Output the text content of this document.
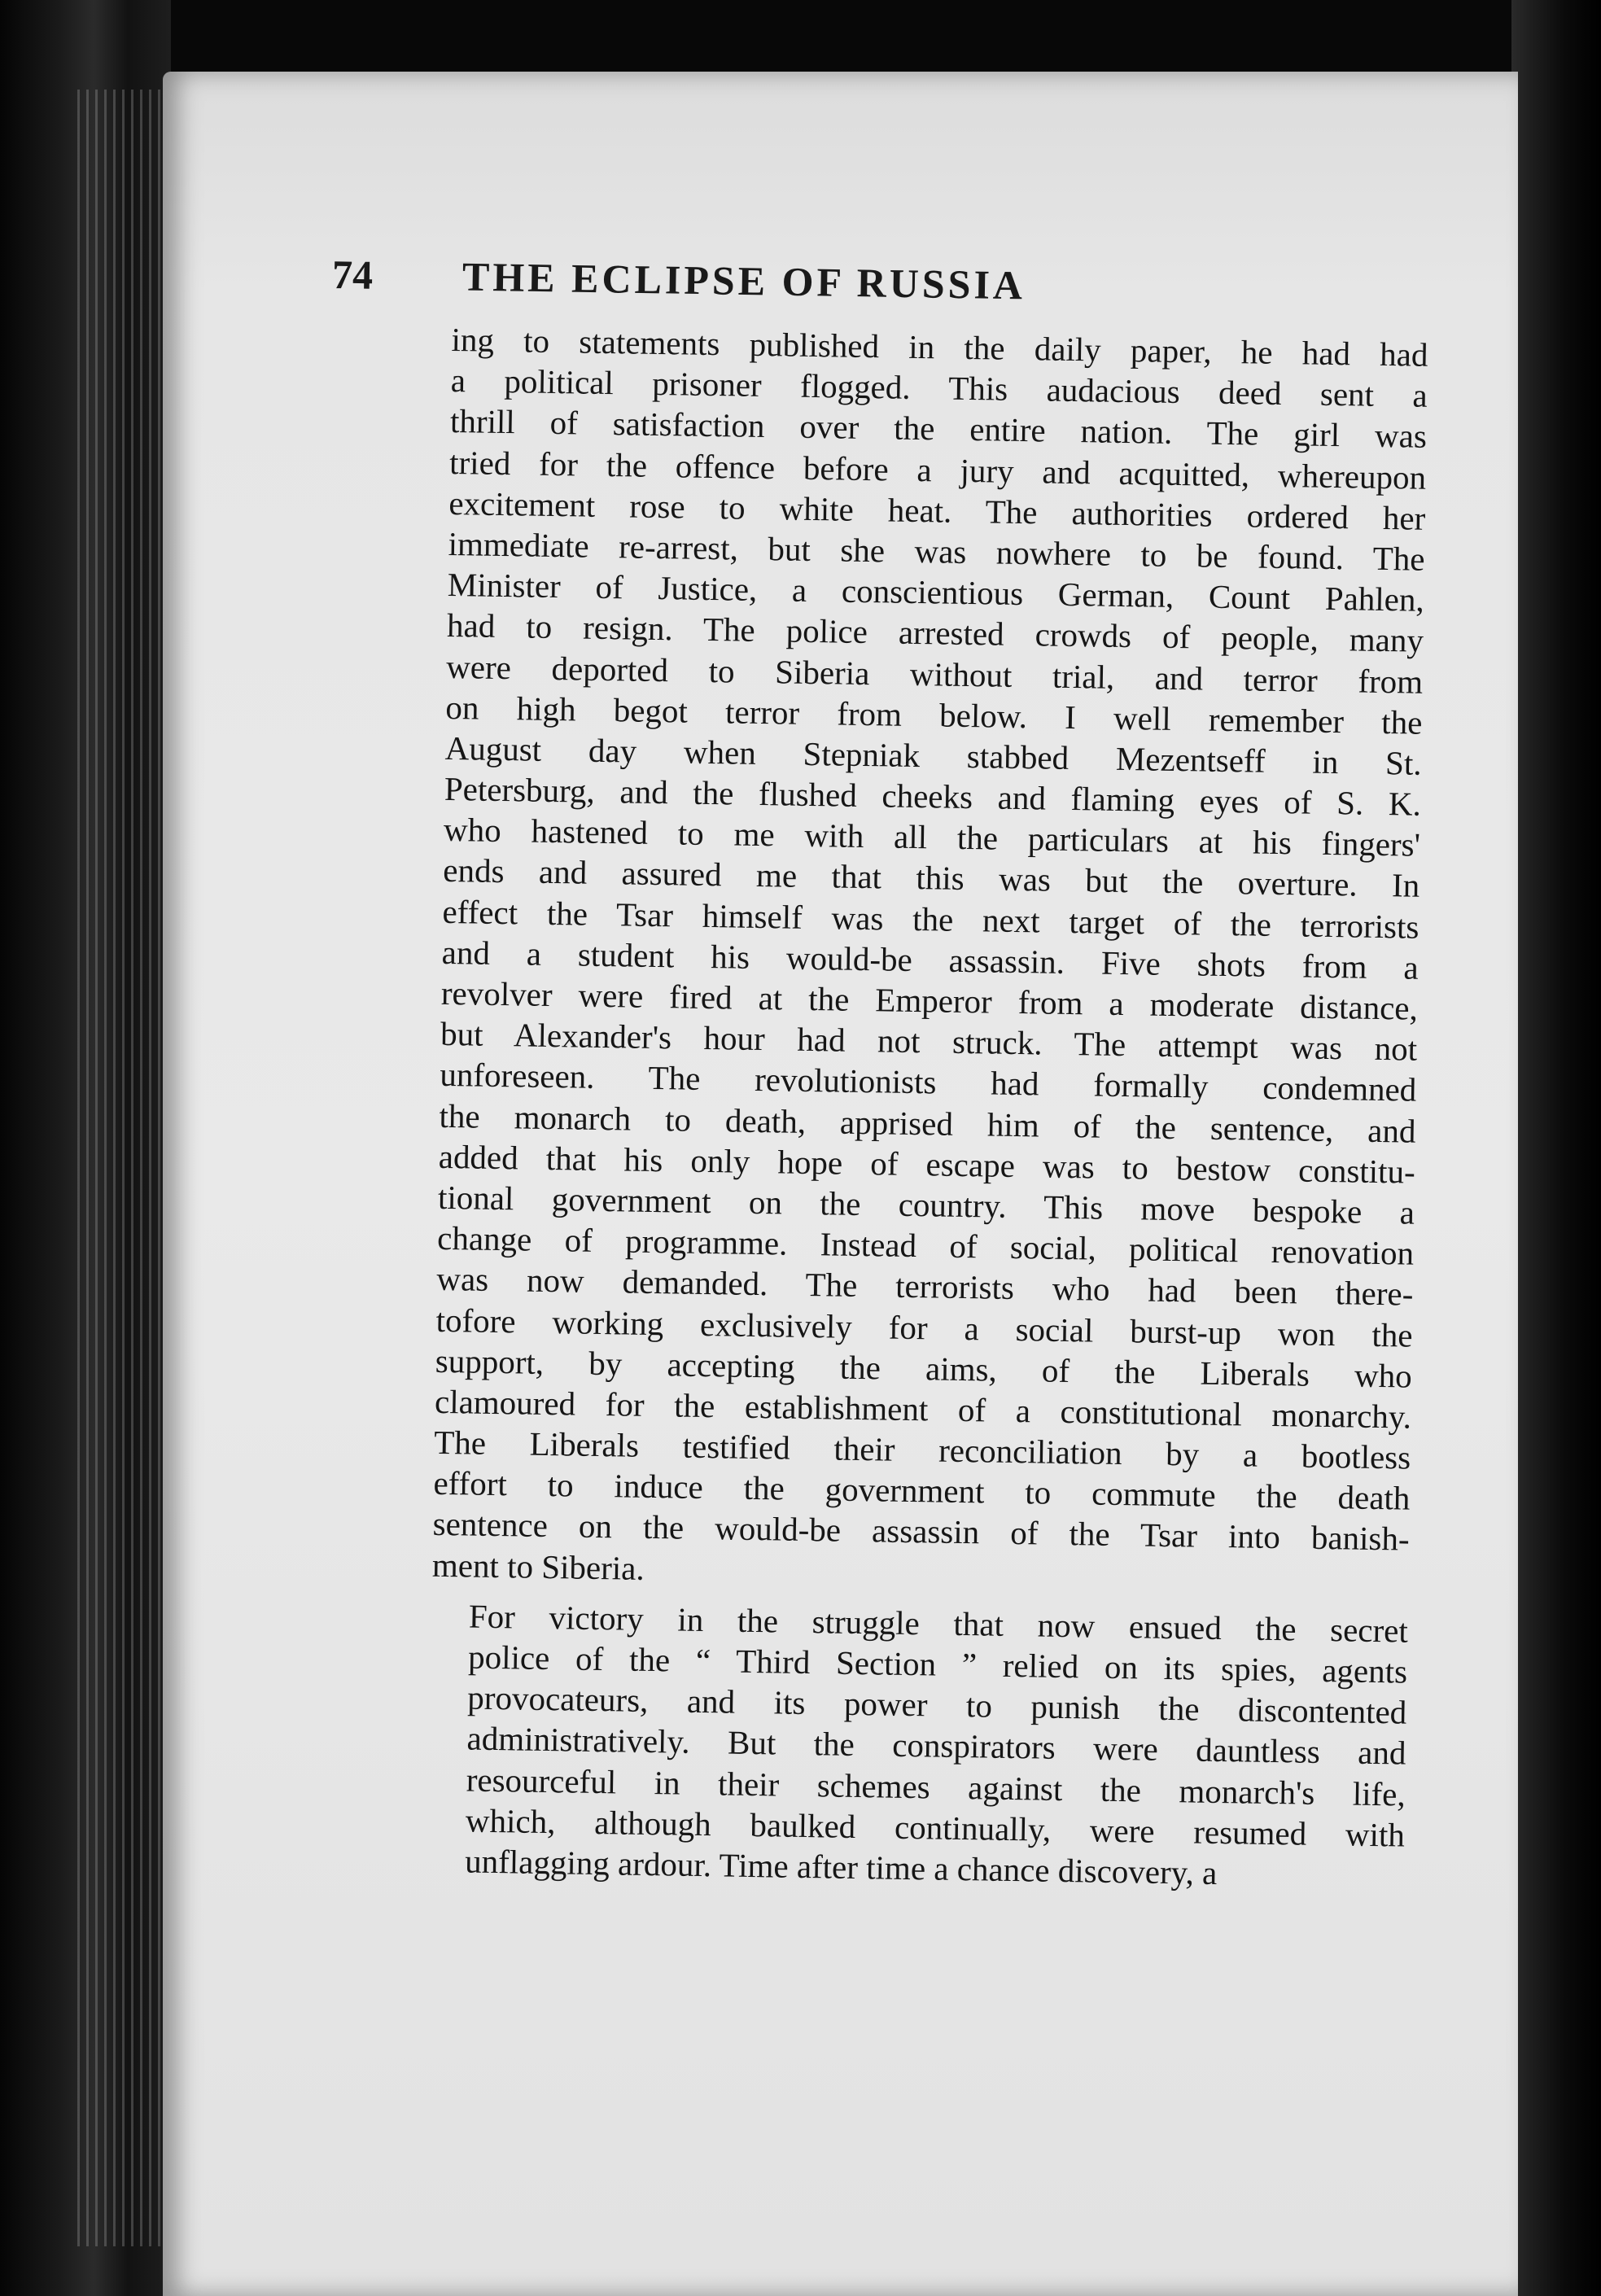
74 THE ECLIPSE OF RUSSIA
ing to statements published in the daily paper, he had had
a political prisoner flogged. This audacious deed sent a
thrill of satisfaction over the entire nation. The girl was
tried for the offence before a jury and acquitted, whereupon
excitement rose to white heat. The authorities ordered her
immediate re-arrest, but she was nowhere to be found. The
Minister of Justice, a conscientious German, Count Pahlen,
had to resign. The police arrested crowds of people, many
were deported to Siberia without trial, and terror from
on high begot terror from below. I well remember the
August day when Stepniak stabbed Mezentseff in St.
Petersburg, and the flushed cheeks and flaming eyes of S. K.
who hastened to me with all the particulars at his fingers'
ends and assured me that this was but the overture. In
effect the Tsar himself was the next target of the terrorists
and a student his would-be assassin. Five shots from a
revolver were fired at the Emperor from a moderate distance,
but Alexander's hour had not struck. The attempt was not
unforeseen. The revolutionists had formally condemned
the monarch to death, apprised him of the sentence, and
added that his only hope of escape was to bestow constitu-
tional government on the country. This move bespoke a
change of programme. Instead of social, political renovation
was now demanded. The terrorists who had been there-
tofore working exclusively for a social burst-up won the
support, by accepting the aims, of the Liberals who
clamoured for the establishment of a constitutional monarchy.
The Liberals testified their reconciliation by a bootless
effort to induce the government to commute the death
sentence on the would-be assassin of the Tsar into banish-
ment to Siberia.
For victory in the struggle that now ensued the secret
police of the “ Third Section ” relied on its spies, agents
provocateurs, and its power to punish the discontented
administratively. But the conspirators were dauntless and
resourceful in their schemes against the monarch's life,
which, although baulked continually, were resumed with
unflagging ardour. Time after time a chance discovery, a
